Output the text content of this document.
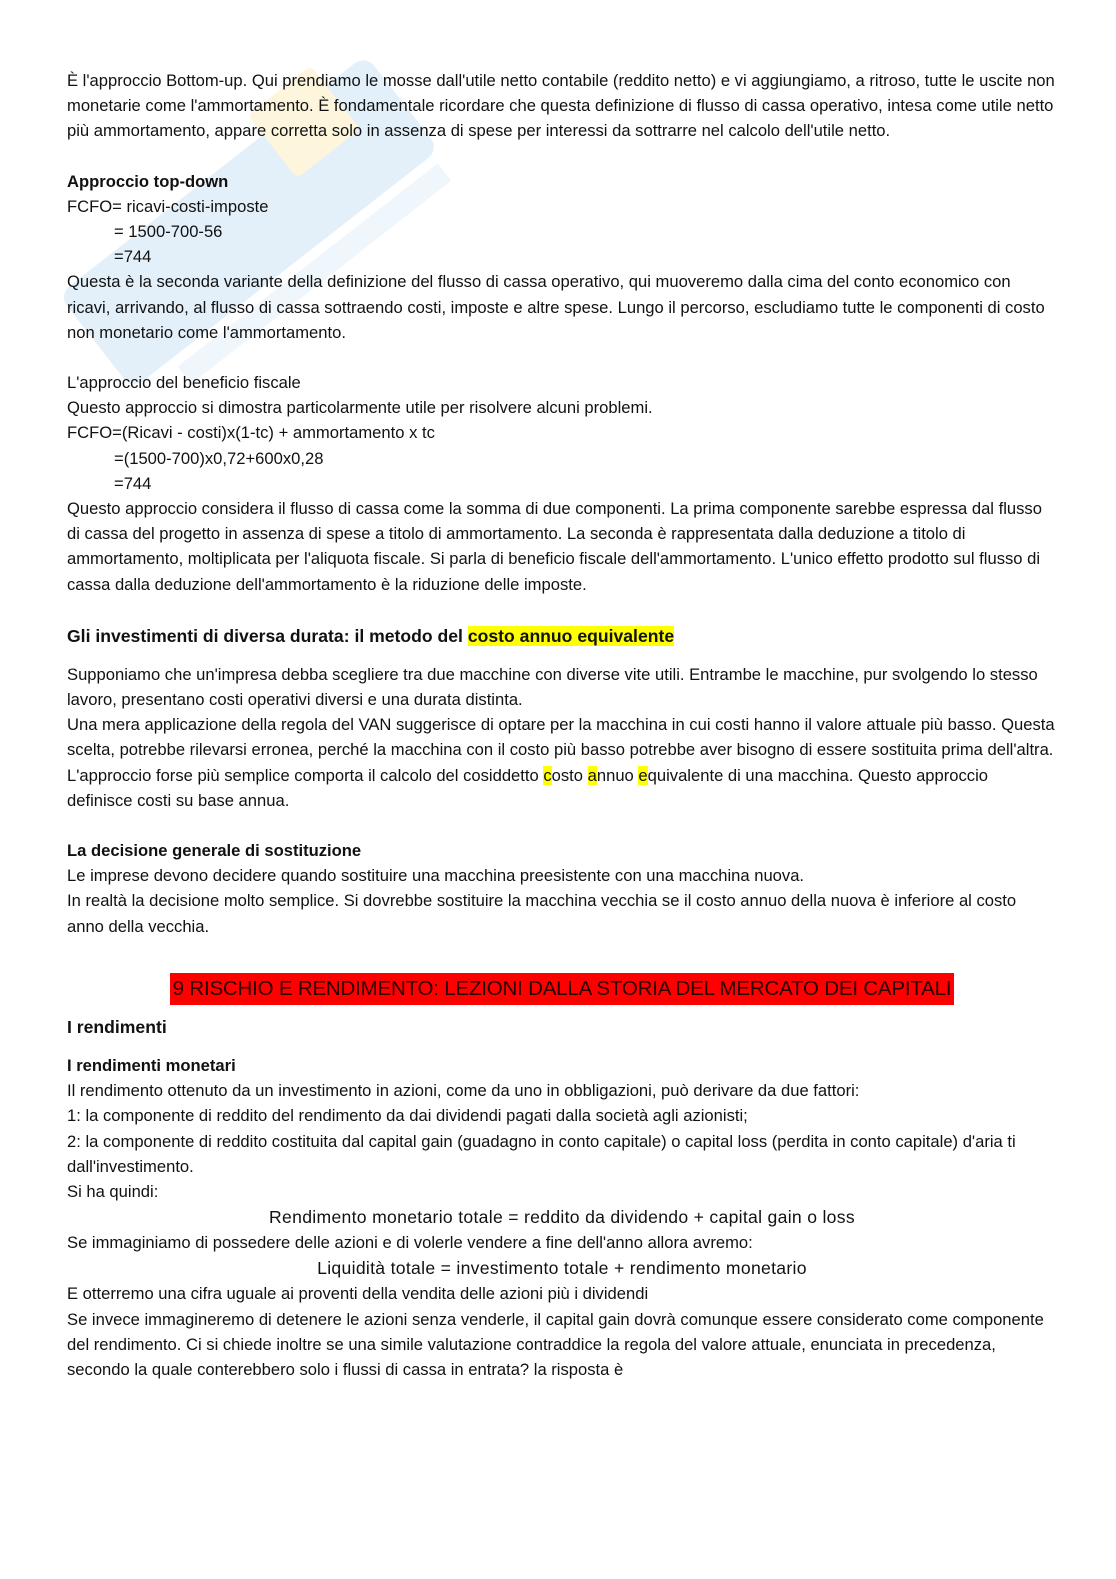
È l'approccio Bottom-up. Qui prendiamo le mosse dall'utile netto contabile (reddito netto) e vi aggiungiamo, a ritroso, tutte le uscite non monetarie come l'ammortamento. È fondamentale ricordare che questa definizione di flusso di cassa operativo, intesa come utile netto più ammortamento, appare corretta solo in assenza di spese per interessi da sottrarre nel calcolo dell'utile netto.

Approccio top-down

FCFO= ricavi-costi-imposte

= 1500-700-56

=744

Questa è la seconda variante della definizione del flusso di cassa operativo, qui muoveremo dalla cima del conto economico con ricavi, arrivando, al flusso di cassa sottraendo costi, imposte e altre spese. Lungo il percorso, escludiamo tutte le componenti di costo non monetario come l'ammortamento.

L'approccio del beneficio fiscale

Questo approccio si dimostra particolarmente utile per risolvere alcuni problemi.

FCFO=(Ricavi - costi)x(1-tc) + ammortamento x tc

=(1500-700)x0,72+600x0,28

=744

Questo approccio considera il flusso di cassa come la somma di due componenti. La prima componente sarebbe espressa dal flusso di cassa del progetto in assenza di spese a titolo di ammortamento. La seconda è rappresentata dalla deduzione a titolo di ammortamento, moltiplicata per l'aliquota fiscale. Si parla di beneficio fiscale dell'ammortamento. L'unico effetto prodotto sul flusso di cassa dalla deduzione dell'ammortamento è la riduzione delle imposte.

Gli investimenti di diversa durata: il metodo del costo annuo equivalente

Supponiamo che un'impresa debba scegliere tra due macchine con diverse vite utili. Entrambe le macchine, pur svolgendo lo stesso lavoro, presentano costi operativi diversi e una durata distinta.

Una mera applicazione della regola del VAN suggerisce di optare per la macchina in cui costi hanno il valore attuale più basso. Questa scelta, potrebbe rilevarsi erronea, perché la macchina con il costo più basso potrebbe aver bisogno di essere sostituita prima dell'altra. L'approccio forse più semplice comporta il calcolo del cosiddetto costo annuo equivalente di una macchina. Questo approccio definisce costi su base annua.

La decisione generale di sostituzione

Le imprese devono decidere quando sostituire una macchina preesistente con una macchina nuova.

In realtà la decisione molto semplice. Si dovrebbe sostituire la macchina vecchia se il costo annuo della nuova è inferiore al costo anno della vecchia.

9 RISCHIO E RENDIMENTO: LEZIONI DALLA STORIA DEL MERCATO DEI CAPITALI

I rendimenti

I rendimenti monetari

Il rendimento ottenuto da un investimento in azioni, come da uno in obbligazioni, può derivare da due fattori:

1: la componente di reddito del rendimento da dai dividendi pagati dalla società agli azionisti;

2: la componente di reddito costituita dal capital gain (guadagno in conto capitale) o capital loss (perdita in conto capitale) d'aria ti dall'investimento.

Si ha quindi:

Rendimento monetario totale = reddito da dividendo + capital gain o loss

Se immaginiamo di possedere delle azioni e di volerle vendere a fine dell'anno allora avremo:

Liquidità totale = investimento totale + rendimento monetario

E otterremo una cifra uguale ai proventi della vendita delle azioni più i dividendi

Se invece immagineremo di detenere le azioni senza venderle, il capital gain dovrà comunque essere considerato come componente del rendimento. Ci si chiede inoltre se una simile valutazione contraddice la regola del valore attuale, enunciata in precedenza, secondo la quale conterebbero solo i flussi di cassa in entrata? la risposta è
